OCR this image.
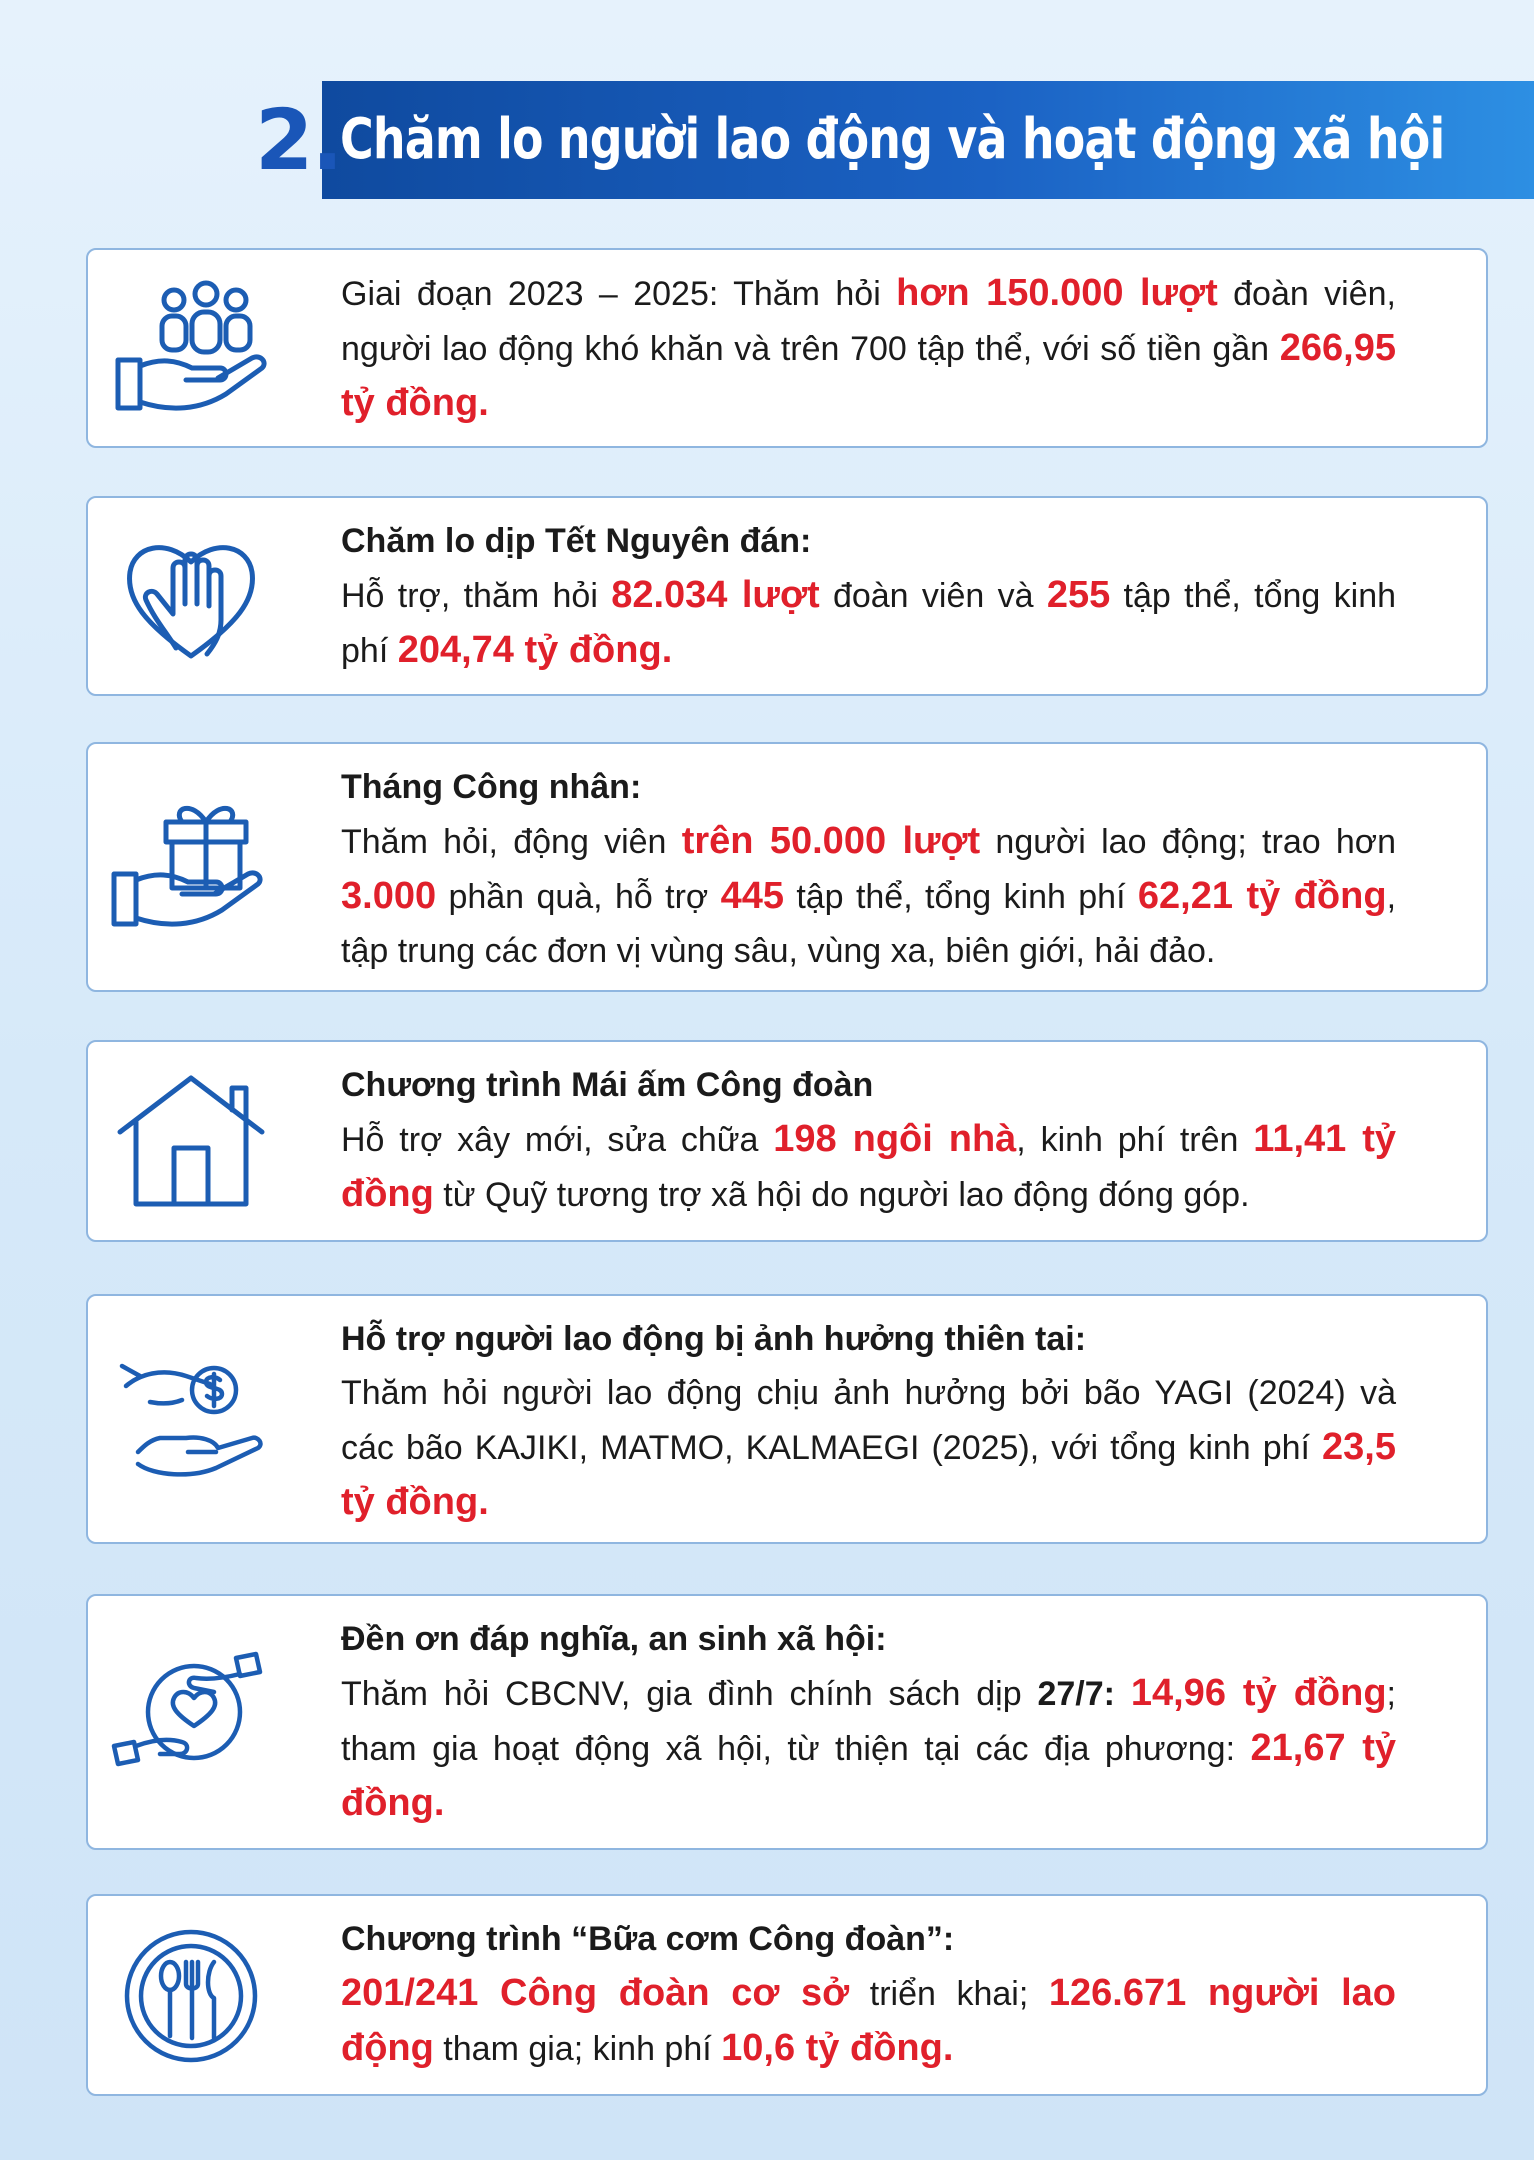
2.
Chăm lo người lao động và hoạt động xã hội
Giai đoạn 2023 – 2025: Thăm hỏi hơn 150.000 lượt đoàn viên, người lao động khó khăn và trên 700 tập thể, với số tiền gần 266,95 tỷ đồng.
Chăm lo dịp Tết Nguyên đán:
Hỗ trợ, thăm hỏi 82.034 lượt đoàn viên và 255 tập thể, tổng kinh phí 204,74 tỷ đồng.
Tháng Công nhân:
Thăm hỏi, động viên trên 50.000 lượt người lao động; trao hơn 3.000 phần quà, hỗ trợ 445 tập thể, tổng kinh phí 62,21 tỷ đồng, tập trung các đơn vị vùng sâu, vùng xa, biên giới, hải đảo.
Chương trình Mái ấm Công đoàn
Hỗ trợ xây mới, sửa chữa 198 ngôi nhà, kinh phí trên 11,41 tỷ đồng từ Quỹ tương trợ xã hội do người lao động đóng góp.
Hỗ trợ người lao động bị ảnh hưởng thiên tai:
Thăm hỏi người lao động chịu ảnh hưởng bởi bão YAGI (2024) và các bão KAJIKI, MATMO, KALMAEGI (2025), với tổng kinh phí 23,5 tỷ đồng.
Đền ơn đáp nghĩa, an sinh xã hội:
Thăm hỏi CBCNV, gia đình chính sách dịp 27/7: 14,96 tỷ đồng; tham gia hoạt động xã hội, từ thiện tại các địa phương: 21,67 tỷ đồng.
Chương trình “Bữa cơm Công đoàn”:
201/241 Công đoàn cơ sở triển khai; 126.671 người lao động tham gia; kinh phí 10,6 tỷ đồng.
